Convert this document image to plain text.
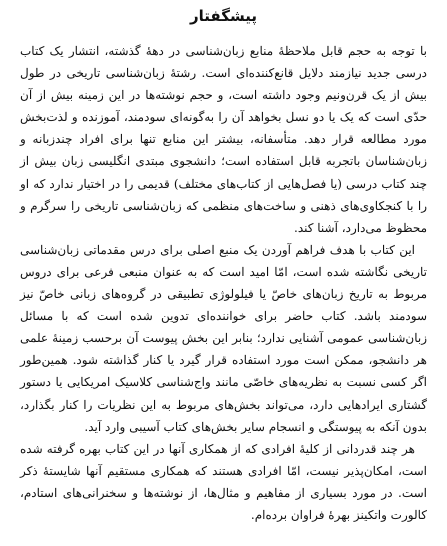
پیشگفتار

با توجه به حجم قابل ملاحظهٔ منابع زبان‌شناسی در دههٔ گذشته، انتشار یک کتاب درسی جدید نیازمند دلایل قانع‌کننده‌ای است. رشتهٔ زبان‌شناسی تاریخی در طول بیش از یک قرن‌ونیم وجود داشته است، و حجم نوشته‌ها در این زمینه بیش از آن حدّی است که یک یا دو نسل بخواهد آن را به‌گونه‌ای سودمند، آموزنده و لذت‌بخش مورد مطالعه قرار دهد. متأسفانه، بیشتر این منابع تنها برای افراد چندزبانه و زبان‌شناسان باتجربه قابل استفاده است؛ دانشجوی مبتدی انگلیسی زبان بیش از چند کتاب درسی (یا فصل‌هایی از کتاب‌های مختلف) قدیمی را در اختیار ندارد که او را با کنجکاوی‌های ذهنی و ساخت‌های منظمی که زبان‌شناسی تاریخی را سرگرم و محظوظ می‌دارد، آشنا کند.

این کتاب با هدف فراهم آوردن یک منبع اصلی برای درس مقدماتی زبان‌شناسی تاریخی نگاشته شده است، امّا امید است که به عنوان منبعی فرعی برای دروس مربوط به تاریخ زبان‌های خاصّ یا فیلولوژی تطبیقی در گروه‌های زبانی خاصّ نیز سودمند باشد. کتاب حاضر برای خواننده‌ای تدوین شده است که با مسائل زبان‌شناسی عمومی آشنایی ندارد؛ بنابر این بخش پیوست آن برحسب زمینهٔ علمی هر دانشجو، ممکن است مورد استفاده قرار گیرد یا کنار گذاشته شود. همین‌طور اگر کسی نسبت به نظریه‌های خاصّی مانند واج‌شناسی کلاسیک امریکایی یا دستور گشتاری ایرادهایی دارد، می‌تواند بخش‌های مربوط به این نظریات را کنار بگذارد، بدون آنکه به پیوستگی و انسجام سایر بخش‌های کتاب آسیبی وارد آید.

هر چند قدردانی از کلیهٔ افرادی که از همکاری آنها در این کتاب بهره گرفته شده است، امکان‌پذیر نیست، امّا افرادی هستند که همکاری مستقیم آنها شایستهٔ ذکر است. در مورد بسیاری از مفاهیم و مثال‌ها، از نوشته‌ها و سخنرانی‌های استادم، کالورت واتکینز بهرهٔ فراوان برده‌ام.
